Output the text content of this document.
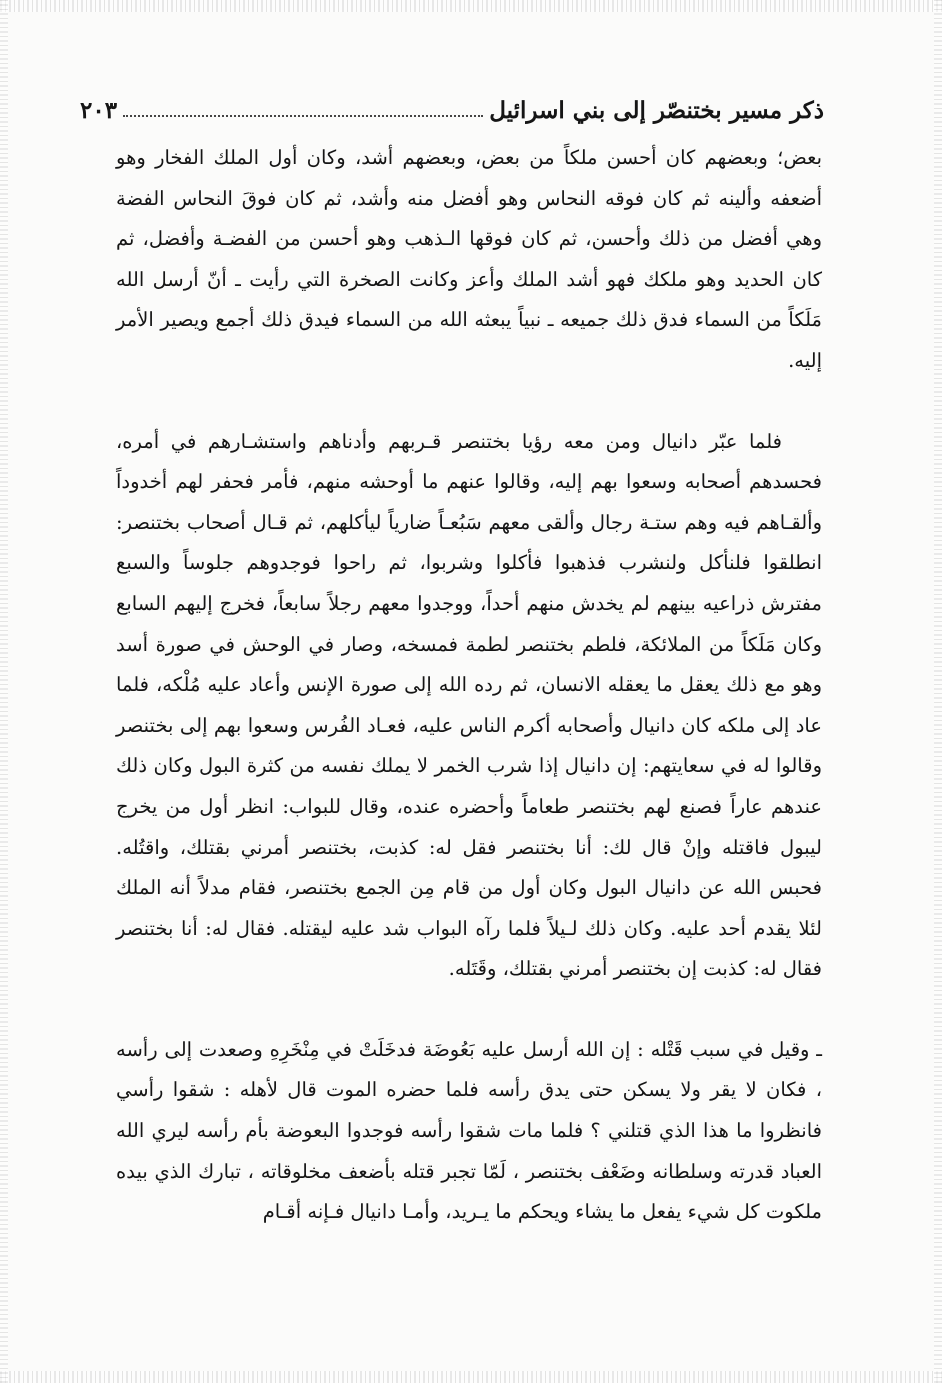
ذكر مسير بختنصّر إلى بني اسرائيل
٢٠٣

بعض؛ وبعضهم كان أحسن ملكاً من بعض، وبعضهم أشد، وكان أول الملك الفخار وهو أضعفه وألينه ثم كان فوقه النحاس وهو أفضل منه وأشد، ثم كان فوقَ النحاس الفضة وهي أفضل من ذلك وأحسن، ثم كان فوقها الـذهب وهو أحسن من الفضـة وأفضل، ثم كان الحديد وهو ملكك فهو أشد الملك وأعز وكانت الصخرة التي رأيت ـ أنّ أرسل الله مَلَكاً من السماء فدق ذلك جميعه ـ نبياً يبعثه الله من السماء فيدق ذلك أجمع ويصير الأمر إليه.

فلما عبّر دانيال ومن معه رؤيا بختنصر قـربهم وأدناهم واستشـارهم في أمره، فحسدهم أصحابه وسعوا بهم إليه، وقالوا عنهم ما أوحشه منهم، فأمر فحفر لهم أخدوداً وألقـاهم فيه وهم ستـة رجال وألقى معهم سَبُعـاً ضارياً ليأكلهم، ثم قـال أصحاب بختنصر: انطلقوا فلنأكل ولنشرب فذهبوا فأكلوا وشربوا، ثم راحوا فوجدوهم جلوساً والسبع مفترش ذراعيه بينهم لم يخدش منهم أحداً، ووجدوا معهم رجلاً سابعاً، فخرج إليهم السابع وكان مَلَكاً من الملائكة، فلطم بختنصر لطمة فمسخه، وصار في الوحش في صورة أسد وهو مع ذلك يعقل ما يعقله الانسان، ثم رده الله إلى صورة الإنس وأعاد عليه مُلْكه، فلما عاد إلى ملكه كان دانيال وأصحابه أكرم الناس عليه، فعـاد الفُرس وسعوا بهم إلى بختنصر وقالوا له في سعايتهم: إن دانيال إذا شرب الخمر لا يملك نفسه من كثرة البول وكان ذلك عندهم عاراً فصنع لهم بختنصر طعاماً وأحضره عنده، وقال للبواب: انظر أول من يخرج ليبول فاقتله وإنْ قال لك: أنا بختنصر فقل له: كذبت، بختنصر أمرني بقتلك، واقتُله. فحبس الله عن دانيال البول وكان أول من قام مِن الجمع بختنصر، فقام مدلاً أنه الملك لئلا يقدم أحد عليه. وكان ذلك لـيلاً فلما رآه البواب شد عليه ليقتله. فقال له: أنا بختنصر فقال له: كذبت إن بختنصر أمرني بقتلك، وقَتَله.

ـ وقيل في سبب قَتْله : إن الله أرسل عليه بَعُوضَة فدخَلَتْ في مِنْخَرِهِ وصعدت إلى رأسه ، فكان لا يقر ولا يسكن حتى يدق رأسه فلما حضره الموت قال لأهله : شقوا رأسي فانظروا ما هذا الذي قتلني ؟ فلما مات شقوا رأسه فوجدوا البعوضة بأم رأسه ليري الله العباد قدرته وسلطانه وضَعْف بختنصر ، لَمّا تجبر قتله بأضعف مخلوقاته ، تبارك الذي بيده ملكوت كل شيء يفعل ما يشاء ويحكم ما يـريد، وأمـا دانيال فـإنه أقـام
